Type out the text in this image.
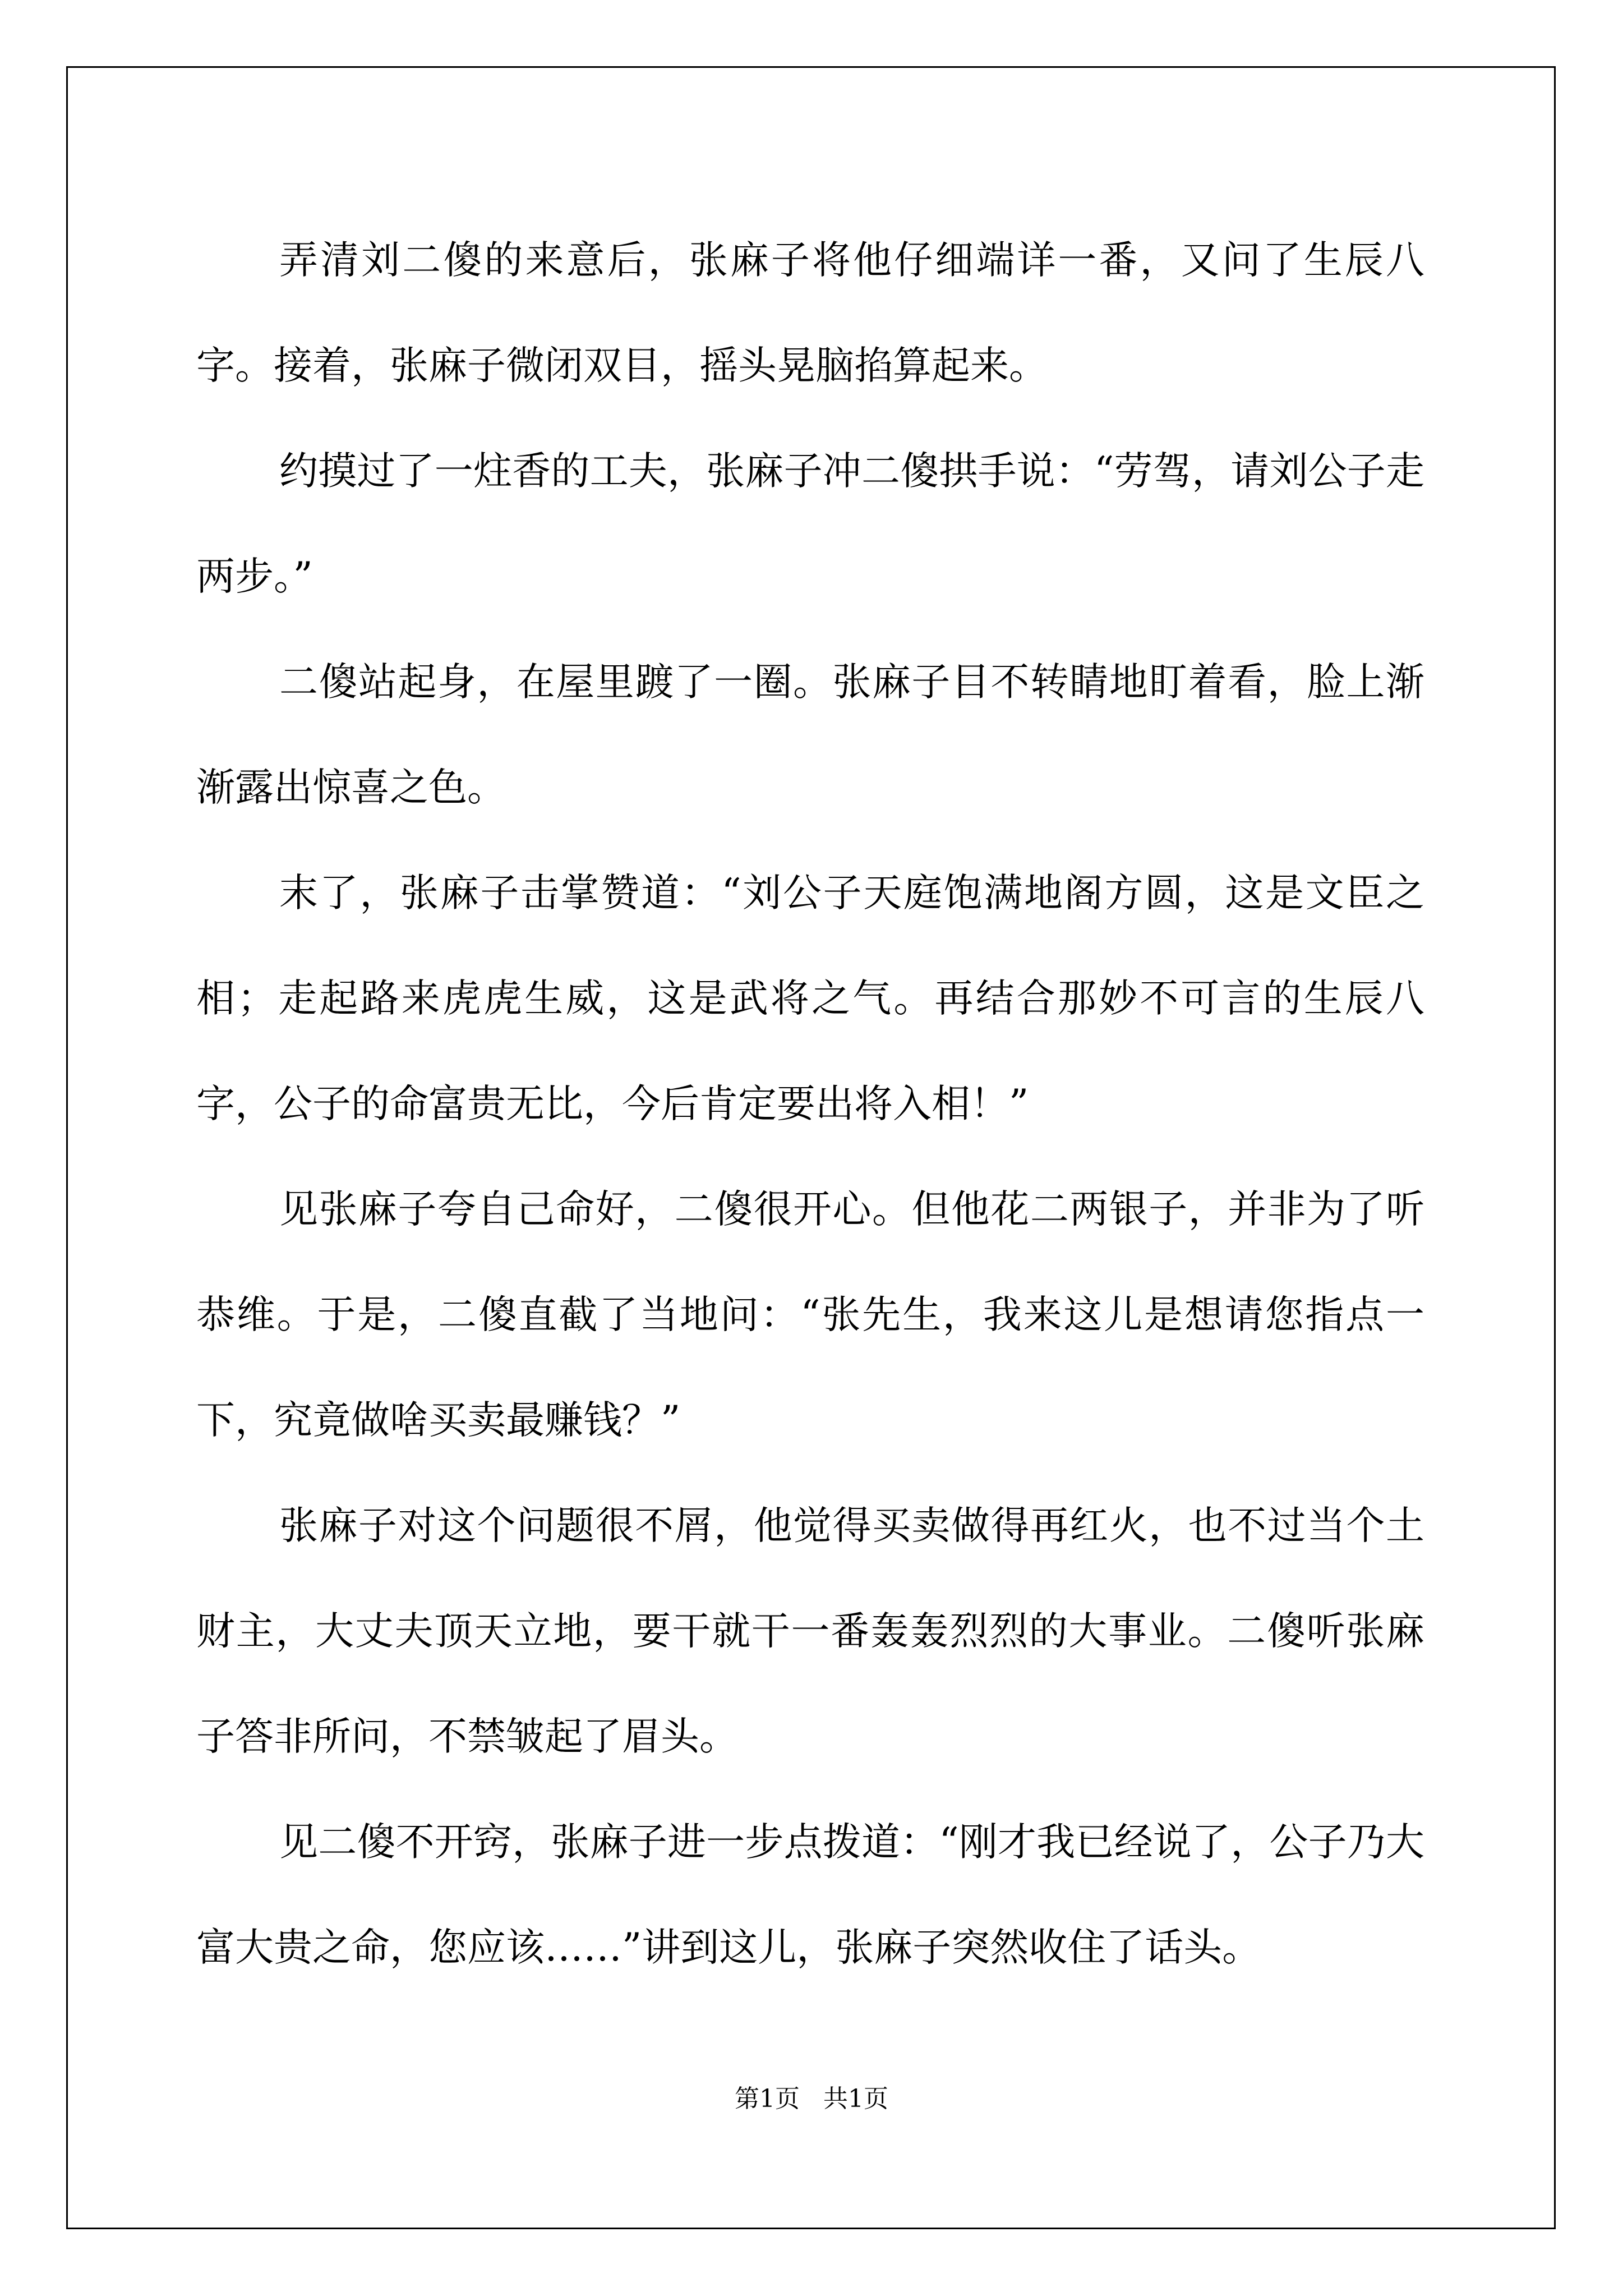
弄清刘二傻的来意后，张麻子将他仔细端详一番，又问了生辰八字。接着，张麻子微闭双目，摇头晃脑掐算起来。

约摸过了一炷香的工夫，张麻子冲二傻拱手说：“劳驾，请刘公子走两步。”

二傻站起身，在屋里踱了一圈。张麻子目不转睛地盯着看，脸上渐渐露出惊喜之色。

末了，张麻子击掌赞道：“刘公子天庭饱满地阁方圆，这是文臣之相；走起路来虎虎生威，这是武将之气。再结合那妙不可言的生辰八字，公子的命富贵无比，今后肯定要出将入相！”

见张麻子夸自己命好，二傻很开心。但他花二两银子，并非为了听恭维。于是，二傻直截了当地问：“张先生，我来这儿是想请您指点一下，究竟做啥买卖最赚钱？”

张麻子对这个问题很不屑，他觉得买卖做得再红火，也不过当个土财主，大丈夫顶天立地，要干就干一番轰轰烈烈的大事业。二傻听张麻子答非所问，不禁皱起了眉头。

见二傻不开窍，张麻子进一步点拨道：“刚才我已经说了，公子乃大富大贵之命，您应该……”讲到这儿，张麻子突然收住了话头。

第1页 共1页
